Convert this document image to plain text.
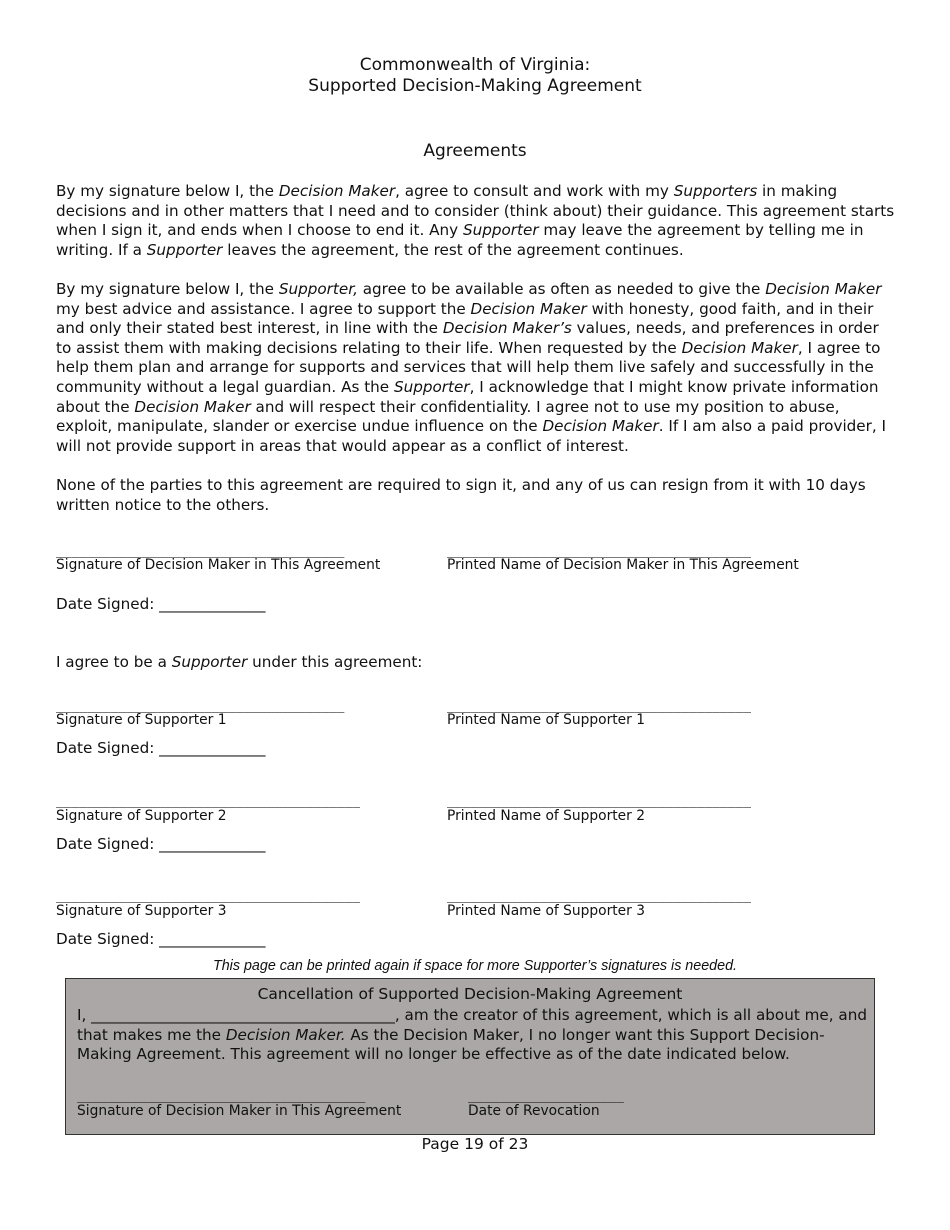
Commonwealth of Virginia:
Supported Decision-Making Agreement
Agreements

By my signature below I, the Decision Maker, agree to consult and work with my Supporters in making decisions and in other matters that I need and to consider (think about) their guidance. This agreement starts when I sign it, and ends when I choose to end it. Any Supporter may leave the agreement by telling me in writing. If a Supporter leaves the agreement, the rest of the agreement continues.

By my signature below I, the Supporter, agree to be available as often as needed to give the Decision Maker my best advice and assistance. I agree to support the Decision Maker with honesty, good faith, and in their and only their stated best interest, in line with the Decision Maker’s values, needs, and preferences in order to assist them with making decisions relating to their life. When requested by the Decision Maker, I agree to help them plan and arrange for supports and services that will help them live safely and successfully in the community without a legal guardian. As the Supporter, I acknowledge that I might know private information about the Decision Maker and will respect their confidentiality. I agree not to use my position to abuse, exploit, manipulate, slander or exercise undue influence on the Decision Maker. If I am also a paid provider, I will not provide support in areas that would appear as a conflict of interest.

None of the parties to this agreement are required to sign it, and any of us can resign from it with 10 days written notice to the others.

_____________________________________	_______________________________________
Signature of Decision Maker in This Agreement	Printed Name of Decision Maker in This Agreement
Date Signed: ______________

I agree to be a Supporter under this agreement:

_____________________________________	_______________________________________
Signature of Supporter 1	Printed Name of Supporter 1
Date Signed: ______________
_______________________________________	_______________________________________
Signature of Supporter 2	Printed Name of Supporter 2
Date Signed: ______________
_______________________________________	_______________________________________
Signature of Supporter 3	Printed Name of Supporter 3
Date Signed: ______________
This page can be printed again if space for more Supporter’s signatures is needed.
Cancellation of Supported Decision-Making Agreement

I, ________________________________________, am the creator of this agreement, which is all about me, and that makes me the Decision Maker. As the Decision Maker, I no longer want this Support Decision-Making Agreement. This agreement will no longer be effective as of the date indicated below.

_____________________________________	____________________
Signature of Decision Maker in This Agreement	Date of Revocation
Page 19 of 23
